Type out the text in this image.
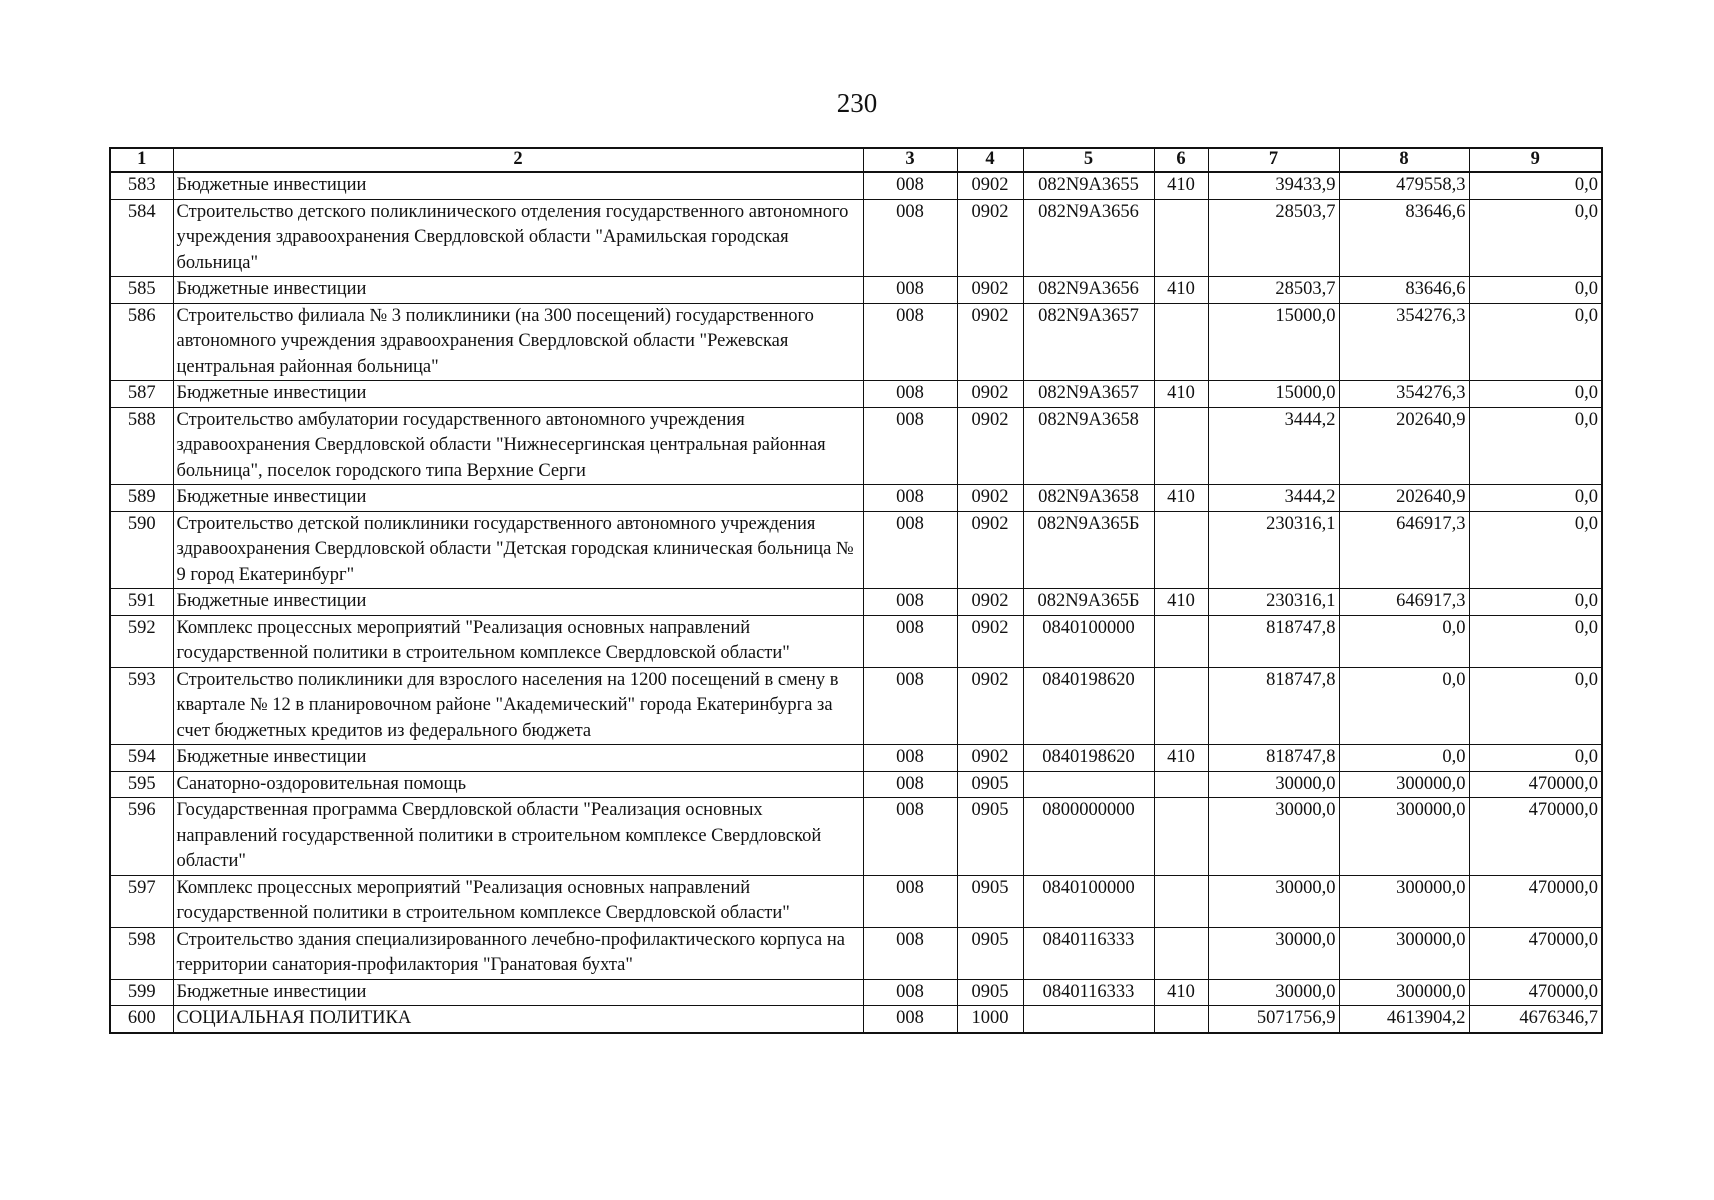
230
1	2	3	4	5	6	7	8	9
583	Бюджетные инвестиции	008	0902	082N9A3655	410	39433,9	479558,3	0,0
584	Строительство детского поликлинического отделения государственного автономного учреждения здравоохранения Свердловской области "Арамильская городская больница"	008	0902	082N9A3656		28503,7	83646,6	0,0
585	Бюджетные инвестиции	008	0902	082N9A3656	410	28503,7	83646,6	0,0
586	Строительство филиала № 3 поликлиники (на 300 посещений) государственного автономного учреждения здравоохранения Свердловской области "Режевская центральная районная больница"	008	0902	082N9A3657		15000,0	354276,3	0,0
587	Бюджетные инвестиции	008	0902	082N9A3657	410	15000,0	354276,3	0,0
588	Строительство амбулатории государственного автономного учреждения здравоохранения Свердловской области "Нижнесергинская центральная районная больница", поселок городского типа Верхние Серги	008	0902	082N9A3658		3444,2	202640,9	0,0
589	Бюджетные инвестиции	008	0902	082N9A3658	410	3444,2	202640,9	0,0
590	Строительство детской поликлиники государственного автономного учреждения здравоохранения Свердловской области "Детская городская клиническая больница № 9 город Екатеринбург"	008	0902	082N9A365Б		230316,1	646917,3	0,0
591	Бюджетные инвестиции	008	0902	082N9A365Б	410	230316,1	646917,3	0,0
592	Комплекс процессных мероприятий "Реализация основных направлений государственной политики в строительном комплексе Свердловской области"	008	0902	0840100000		818747,8	0,0	0,0
593	Строительство поликлиники для взрослого населения на 1200 посещений в смену в квартале № 12 в планировочном районе "Академический" города Екатеринбурга за счет бюджетных кредитов из федерального бюджета	008	0902	0840198620		818747,8	0,0	0,0
594	Бюджетные инвестиции	008	0902	0840198620	410	818747,8	0,0	0,0
595	Санаторно-оздоровительная помощь	008	0905			30000,0	300000,0	470000,0
596	Государственная программа Свердловской области "Реализация основных направлений государственной политики в строительном комплексе Свердловской области"	008	0905	0800000000		30000,0	300000,0	470000,0
597	Комплекс процессных мероприятий "Реализация основных направлений государственной политики в строительном комплексе Свердловской области"	008	0905	0840100000		30000,0	300000,0	470000,0
598	Строительство здания специализированного лечебно-профилактического корпуса на территории санатория-профилактория "Гранатовая бухта"	008	0905	0840116333		30000,0	300000,0	470000,0
599	Бюджетные инвестиции	008	0905	0840116333	410	30000,0	300000,0	470000,0
600	СОЦИАЛЬНАЯ ПОЛИТИКА	008	1000			5071756,9	4613904,2	4676346,7
